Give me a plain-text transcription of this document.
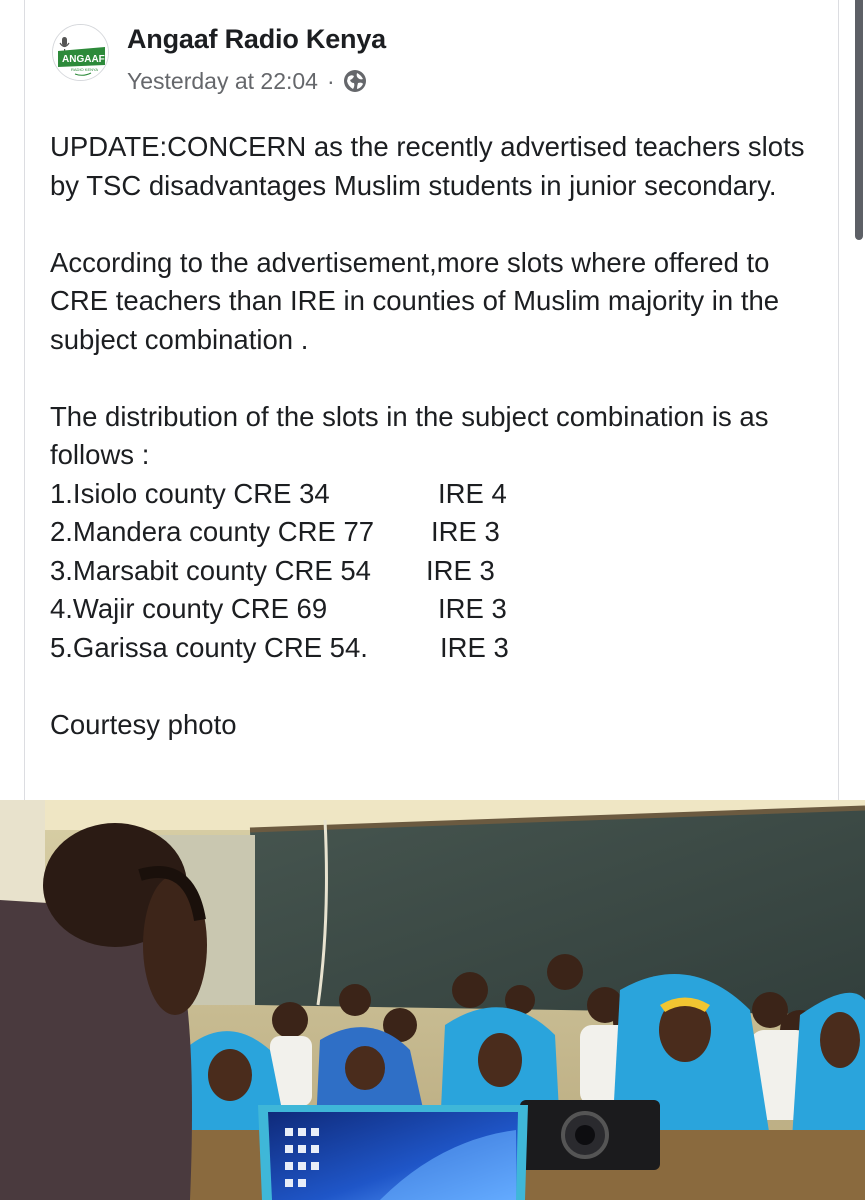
ANGAAF
RADIO KENYA
Angaaf Radio Kenya
Yesterday at 22:04 ·

UPDATE:CONCERN as the recently advertised teachers slots by TSC disadvantages Muslim students in junior secondary.

According to the advertisement,more slots where offered to CRE teachers than IRE in counties of Muslim majority in the subject combination .

The distribution of the slots in the subject combination is as follows :

1.Isiolo county CRE 34	IRE 4
2.Mandera county CRE 77	IRE 3
3.Marsabit county CRE 54	IRE 3
4.Wajir county CRE 69	IRE 3
5.Garissa county CRE 54.	IRE 3

Courtesy photo
